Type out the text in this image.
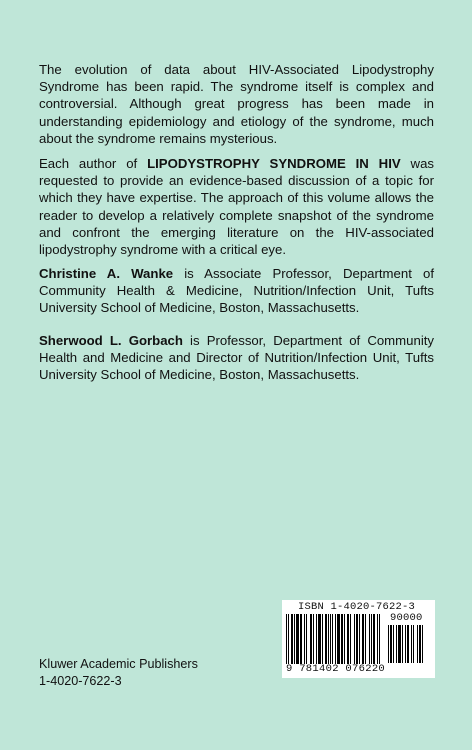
The evolution of data about HIV-Associated Lipodystrophy Syndrome has been rapid. The syndrome itself is complex and controversial. Although great progress has been made in understanding epidemiology and etiology of the syndrome, much about the syndrome remains mysterious.

Each author of LIPODYSTROPHY SYNDROME IN HIV was requested to provide an evidence-based discussion of a topic for which they have expertise. The approach of this volume allows the reader to develop a relatively complete snapshot of the syndrome and confront the emerging literature on the HIV-associated lipodystrophy syndrome with a critical eye.

Christine A. Wanke is Associate Professor, Department of Community Health & Medicine, Nutrition/Infection Unit, Tufts University School of Medicine, Boston, Massachusetts.

Sherwood L. Gorbach is Professor, Department of Community Health and Medicine and Director of Nutrition/Infection Unit, Tufts University School of Medicine, Boston, Massachusetts.

Kluwer Academic Publishers
1-4020-7622-3
ISBN 1-4020-7622-3
90000
9 781402 076220
